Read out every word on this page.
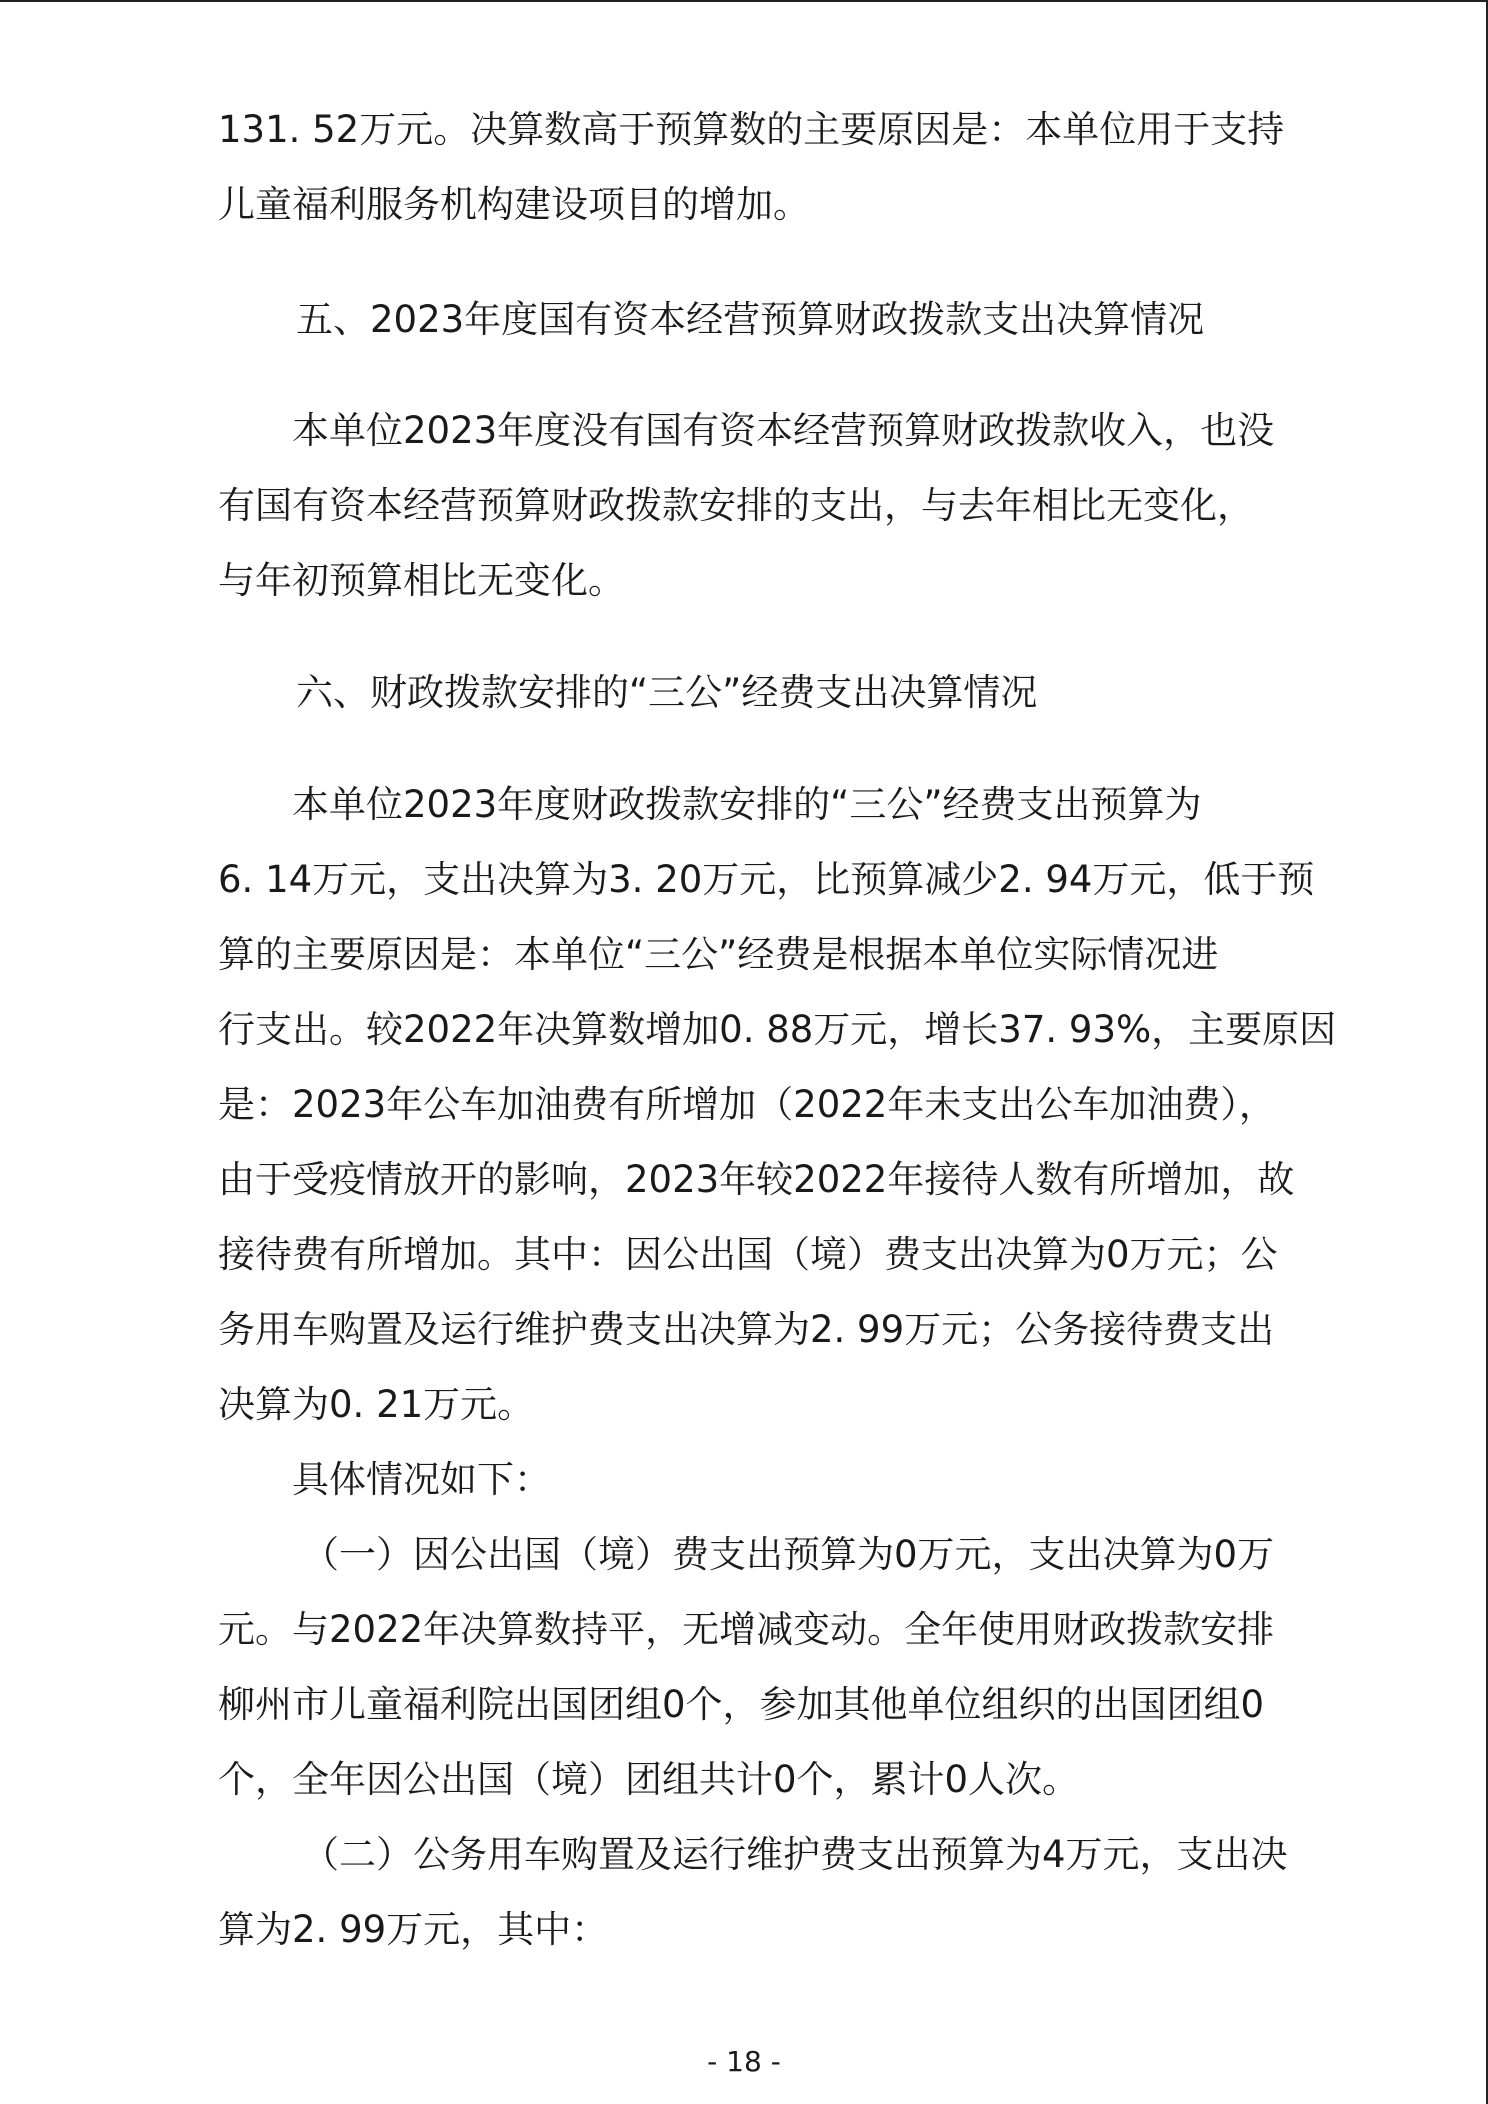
131. 52万元。决算数高于预算数的主要原因是：本单位用于支持
儿童福利服务机构建设项目的增加。
五、2023年度国有资本经营预算财政拨款支出决算情况
本单位2023年度没有国有资本经营预算财政拨款收入，也没
有国有资本经营预算财政拨款安排的支出，与去年相比无变化，
与年初预算相比无变化。
六、财政拨款安排的“三公”经费支出决算情况
本单位2023年度财政拨款安排的“三公”经费支出预算为
6. 14万元，支出决算为3. 20万元，比预算减少2. 94万元，低于预
算的主要原因是：本单位“三公”经费是根据本单位实际情况进
行支出。较2022年决算数增加0. 88万元，增长37. 93%，主要原因
是：2023年公车加油费有所增加（2022年未支出公车加油费），
由于受疫情放开的影响，2023年较2022年接待人数有所增加，故
接待费有所增加。其中：因公出国（境）费支出决算为0万元；公
务用车购置及运行维护费支出决算为2. 99万元；公务接待费支出
决算为0. 21万元。
具体情况如下：
（一）因公出国（境）费支出预算为0万元，支出决算为0万
元。与2022年决算数持平，无增减变动。全年使用财政拨款安排
柳州市儿童福利院出国团组0个，参加其他单位组织的出国团组0
个，全年因公出国（境）团组共计0个，累计0人次。
（二）公务用车购置及运行维护费支出预算为4万元，支出决
算为2. 99万元，其中：
- 18 -
